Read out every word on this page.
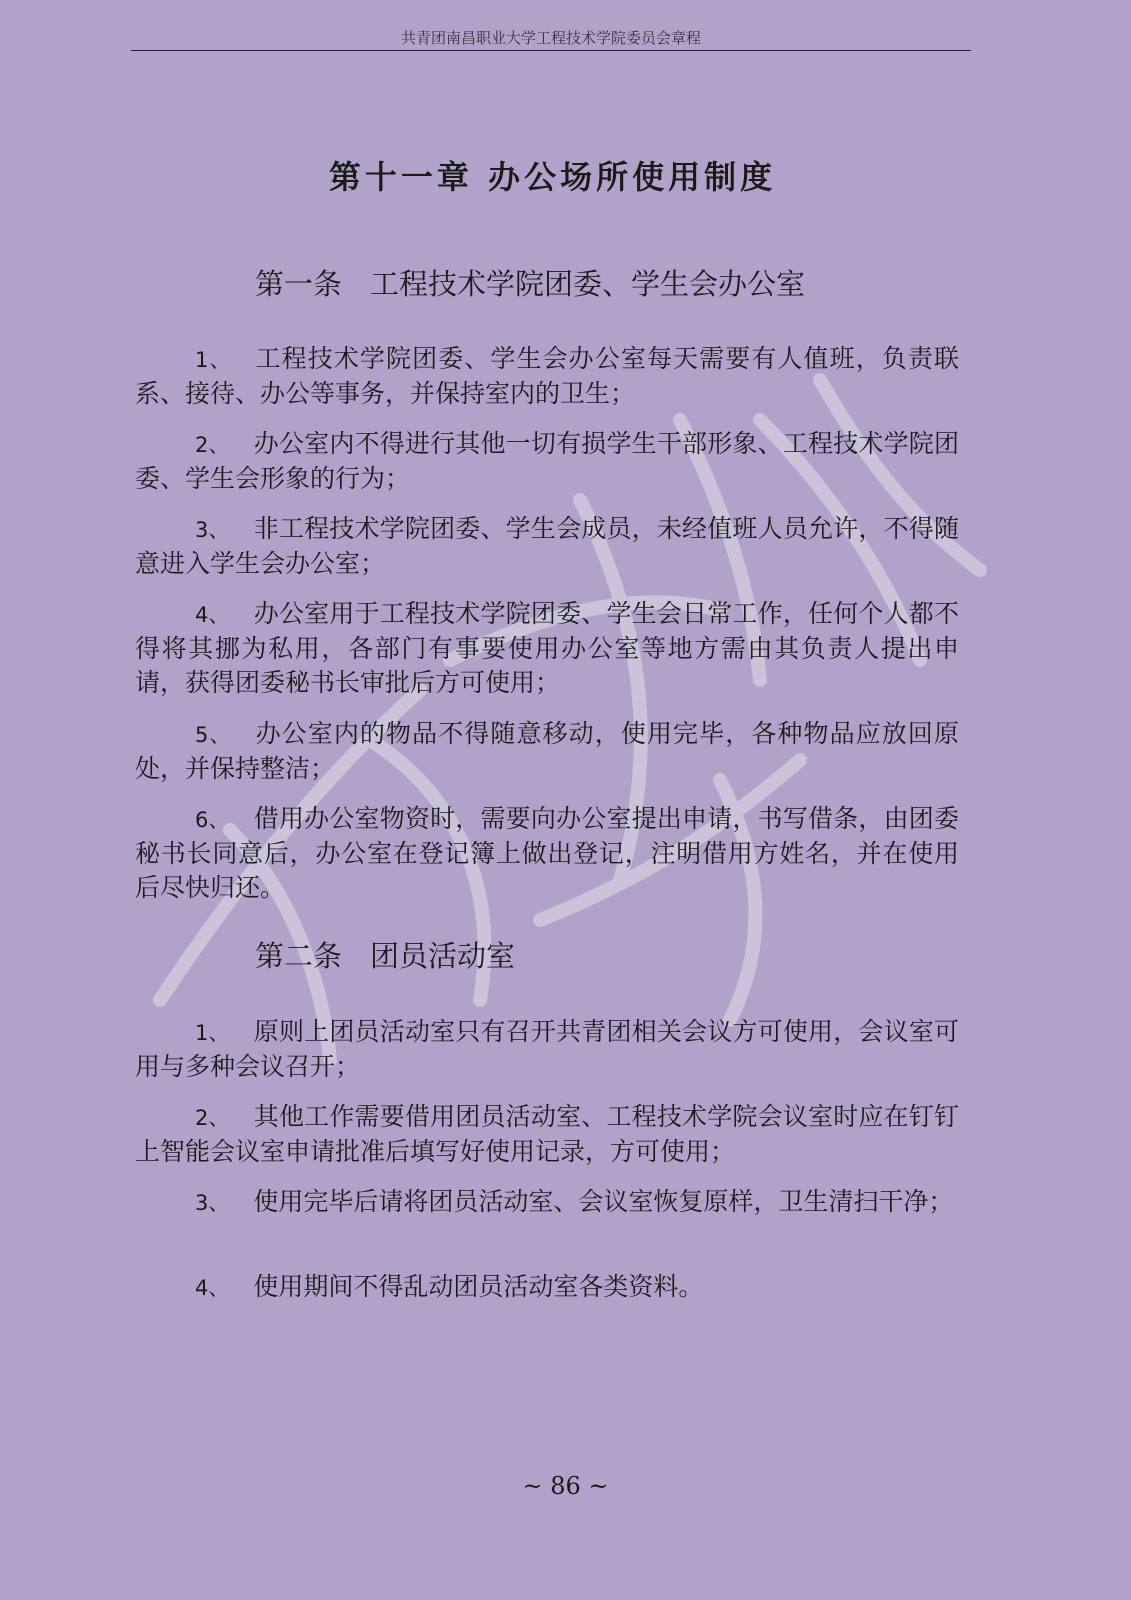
共青团南昌职业大学工程技术学院委员会章程
第十一章 办公场所使用制度
第一条 工程技术学院团委、学生会办公室
1、 工程技术学院团委、学生会办公室每天需要有人值班，负责联系、接待、办公等事务，并保持室内的卫生；
2、 办公室内不得进行其他一切有损学生干部形象、工程技术学院团委、学生会形象的行为；
3、 非工程技术学院团委、学生会成员，未经值班人员允许，不得随意进入学生会办公室；
4、 办公室用于工程技术学院团委、学生会日常工作，任何个人都不得将其挪为私用，各部门有事要使用办公室等地方需由其负责人提出申请，获得团委秘书长审批后方可使用；
5、 办公室内的物品不得随意移动，使用完毕，各种物品应放回原处，并保持整洁；
6、 借用办公室物资时，需要向办公室提出申请，书写借条，由团委秘书长同意后，办公室在登记簿上做出登记，注明借用方姓名，并在使用后尽快归还。
第二条 团员活动室
1、 原则上团员活动室只有召开共青团相关会议方可使用，会议室可用与多种会议召开；
2、 其他工作需要借用团员活动室、工程技术学院会议室时应在钉钉上智能会议室申请批准后填写好使用记录，方可使用；
3、 使用完毕后请将团员活动室、会议室恢复原样，卫生清扫干净；
4、 使用期间不得乱动团员活动室各类资料。
~ 86 ~
